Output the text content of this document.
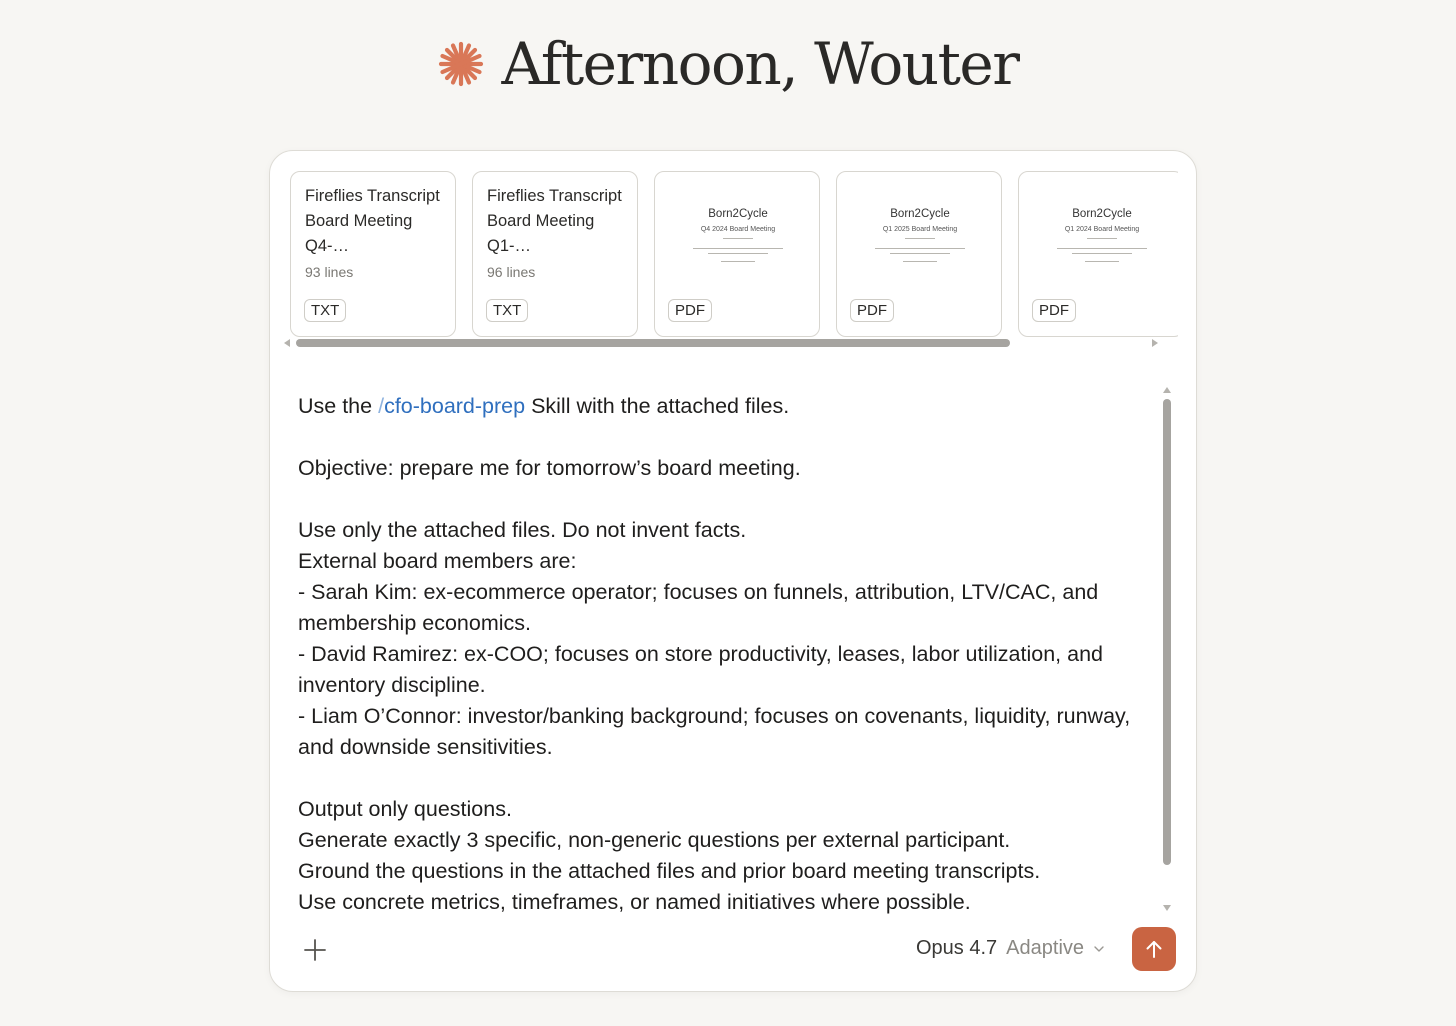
Afternoon, Wouter
Fireflies Transcript Board Meeting Q4-…
93 lines
TXT
Fireflies Transcript Board Meeting Q1-…
96 lines
TXT
Born2Cycle
Q4 2024 Board Meeting
PDF
Born2Cycle
Q1 2025 Board Meeting
PDF
Born2Cycle
Q1 2024 Board Meeting
PDF

Use the /cfo-board-prep Skill with the attached files.

Objective: prepare me for tomorrow’s board meeting.

Use only the attached files. Do not invent facts.

External board members are:

- Sarah Kim: ex-ecommerce operator; focuses on funnels, attribution, LTV/CAC, and membership economics.

- David Ramirez: ex-COO; focuses on store productivity, leases, labor utilization, and inventory discipline.

- Liam O’Connor: investor/banking background; focuses on covenants, liquidity, runway, and downside sensitivities.

Output only questions.

Generate exactly 3 specific, non-generic questions per external participant.

Ground the questions in the attached files and prior board meeting transcripts.

Use concrete metrics, timeframes, or named initiatives where possible.

Opus 4.7 Adaptive
